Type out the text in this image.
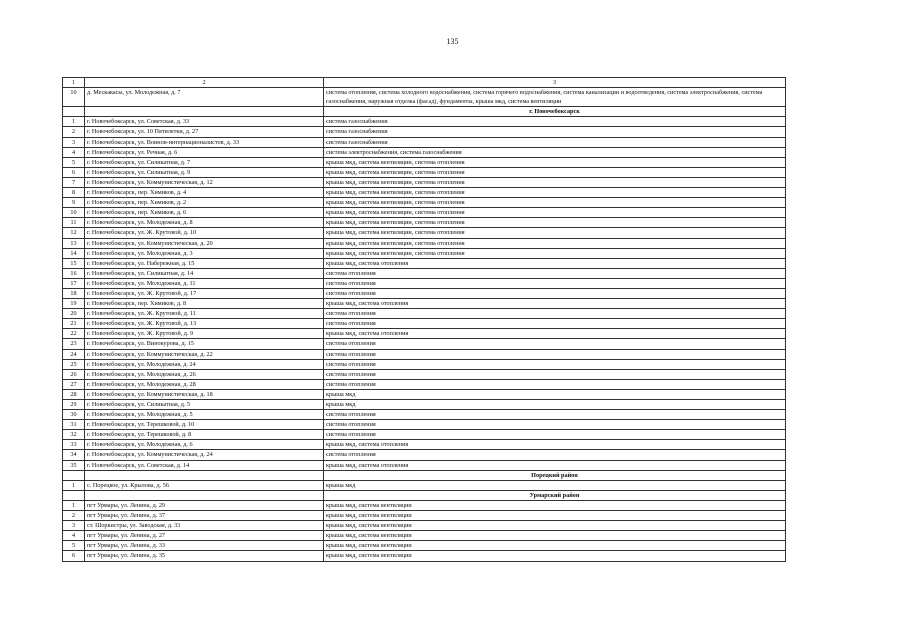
135
1	2	3
10	д. Мескакасы, ул. Молодежная, д. 7	система отопления, система холодного водоснабжения, система горячего водоснабжения, система канализации и водоотведения, система электроснабжения, система газоснабжения, наружная отделка (фасад), фундаменты, крыша мкд, система вентиляции
		г. Новочебоксарск
1	г. Новочебоксарск, ул. Советская, д. 33	система газоснабжения
2	г. Новочебоксарск, ул. 10 Пятилетки, д. 27	система газоснабжения
3	г. Новочебоксарск, ул. Воинов-интернационалистов, д. 33	система газоснабжения
4	г. Новочебоксарск, ул. Речная, д. 6	система электроснабжения, система газоснабжения
5	г. Новочебоксарск, ул. Силикатная, д. 7	крыша мкд, система вентиляции, система отопления
6	г. Новочебоксарск, ул. Силикатная, д. 9	крыша мкд, система вентиляции, система отопления
7	г. Новочебоксарск, ул. Коммунистическая, д. 12	крыша мкд, система вентиляции, система отопления
8	г. Новочебоксарск, пер. Химиков, д. 4	крыша мкд, система вентиляции, система отопления
9	г. Новочебоксарск, пер. Химиков, д. 2	крыша мкд, система вентиляции, система отопления
10	г. Новочебоксарск, пер. Химиков, д. 6	крыша мкд, система вентиляции, система отопления
11	г. Новочебоксарск, ул. Молодежная, д. 8	крыша мкд, система вентиляции, система отопления
12	г. Новочебоксарск, ул. Ж. Крутовой, д. 10	крыша мкд, система вентиляции, система отопления
13	г. Новочебоксарск, ул. Коммунистическая, д. 20	крыша мкд, система вентиляции, система отопления
14	г. Новочебоксарск, ул. Молодежная, д. 3	крыша мкд, система вентиляции, система отопления
15	г. Новочебоксарск, ул. Набережная, д. 15	крыша мкд, система отопления
16	г. Новочебоксарск, ул. Силикатная, д. 14	система отопления
17	г. Новочебоксарск, ул. Молодежная, д. 11	система отопления
18	г. Новочебоксарск, ул. Ж. Крутовой, д. 17	система отопления
19	г. Новочебоксарск, пер. Химиков, д. 8	крыша мкд, система отопления
20	г. Новочебоксарск, ул. Ж. Крутовой, д. 11	система отопления
21	г. Новочебоксарск, ул. Ж. Крутовой, д. 13	система отопления
22	г. Новочебоксарск, ул. Ж. Крутовой, д. 9	крыша мкд, система отопления
23	г. Новочебоксарск, ул. Винокурова, д. 15	система отопления
24	г. Новочебоксарск, ул. Коммунистическая, д. 22	система отопления
25	г. Новочебоксарск, ул. Молодежная, д. 24	система отопления
26	г. Новочебоксарск, ул. Молодежная, д. 26	система отопления
27	г. Новочебоксарск, ул. Молодежная, д. 28	система отопления
28	г. Новочебоксарск, ул. Коммунистическая, д. 18	крыша мкд
29	г. Новочебоксарск, ул. Силикатная, д. 5	крыша мкд
30	г. Новочебоксарск, ул. Молодежная, д. 5	система отопления
31	г. Новочебоксарск, ул. Терешковой, д. 10	система отопления
32	г. Новочебоксарск, ул. Терешковой, д. 8	система отопления
33	г. Новочебоксарск, ул. Молодежная, д. 6	крыша мкд, система отопления
34	г. Новочебоксарск, ул. Коммунистическая, д. 24	система отопления
35	г. Новочебоксарск, ул. Советская, д. 14	крыша мкд, система отопления
		Порецкий район
1	с. Порецкое, ул. Крылова, д. 56	крыша мкд
		Урмарский район
1	пгт Урмары, ул. Ленина, д. 29	крыша мкд, система вентиляции
2	пгт Урмары, ул. Ленина, д. 37	крыша мкд, система вентиляции
3	ст. Шоркистры, ул. Заводская, д. 33	крыша мкд, система вентиляции
4	пгт Урмары, ул. Ленина, д. 27	крыша мкд, система вентиляции
5	пгт Урмары, ул. Ленина, д. 33	крыша мкд, система вентиляции
6	пгт Урмары, ул. Ленина, д. 35	крыша мкд, система вентиляции
